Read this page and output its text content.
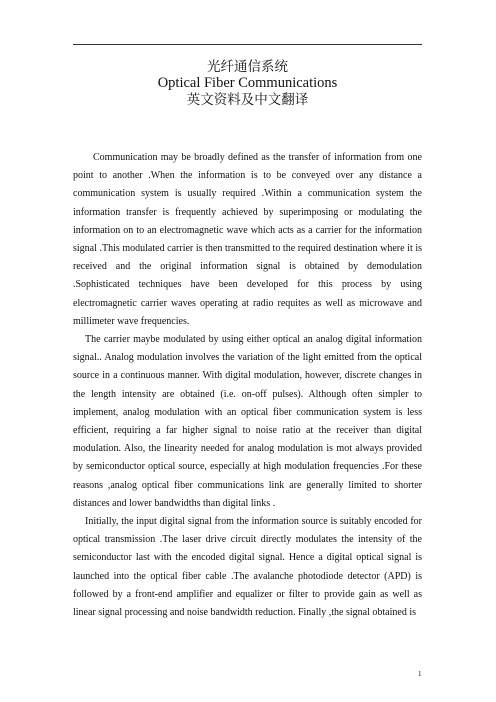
光纤通信系统
Optical Fiber Communications
英文资料及中文翻译

Communication may be broadly defined as the transfer of information from one point to another .When the information is to be conveyed over any distance a communication system is usually required .Within a communication system the information transfer is frequently achieved by superimposing or modulating the information on to an electromagnetic wave which acts as a carrier for the information signal .This modulated carrier is then transmitted to the required destination where it is received and the original information signal is obtained by demodulation .Sophisticated techniques have been developed for this process by using electromagnetic carrier waves operating at radio requites as well as microwave and millimeter wave frequencies.

The carrier maybe modulated by using either optical an analog digital information signal.. Analog modulation involves the variation of the light emitted from the optical source in a continuous manner. With digital modulation, however, discrete changes in the length intensity are obtained (i.e. on-off pulses). Although often simpler to implement, analog modulation with an optical fiber communication system is less efficient, requiring a far higher signal to noise ratio at the receiver than digital modulation. Also, the linearity needed for analog modulation is mot always provided by semiconductor optical source, especially at high modulation frequencies .For these reasons ,analog optical fiber communications link are generally limited to shorter distances and lower bandwidths than digital links .

Initially, the input digital signal from the information source is suitably encoded for optical transmission .The laser drive circuit directly modulates the intensity of the semiconductor last with the encoded digital signal. Hence a digital optical signal is launched into the optical fiber cable .The avalanche photodiode detector (APD) is followed by a front-end amplifier and equalizer or filter to provide gain as well as linear signal processing and noise bandwidth reduction. Finally ,the signal obtained is

1
